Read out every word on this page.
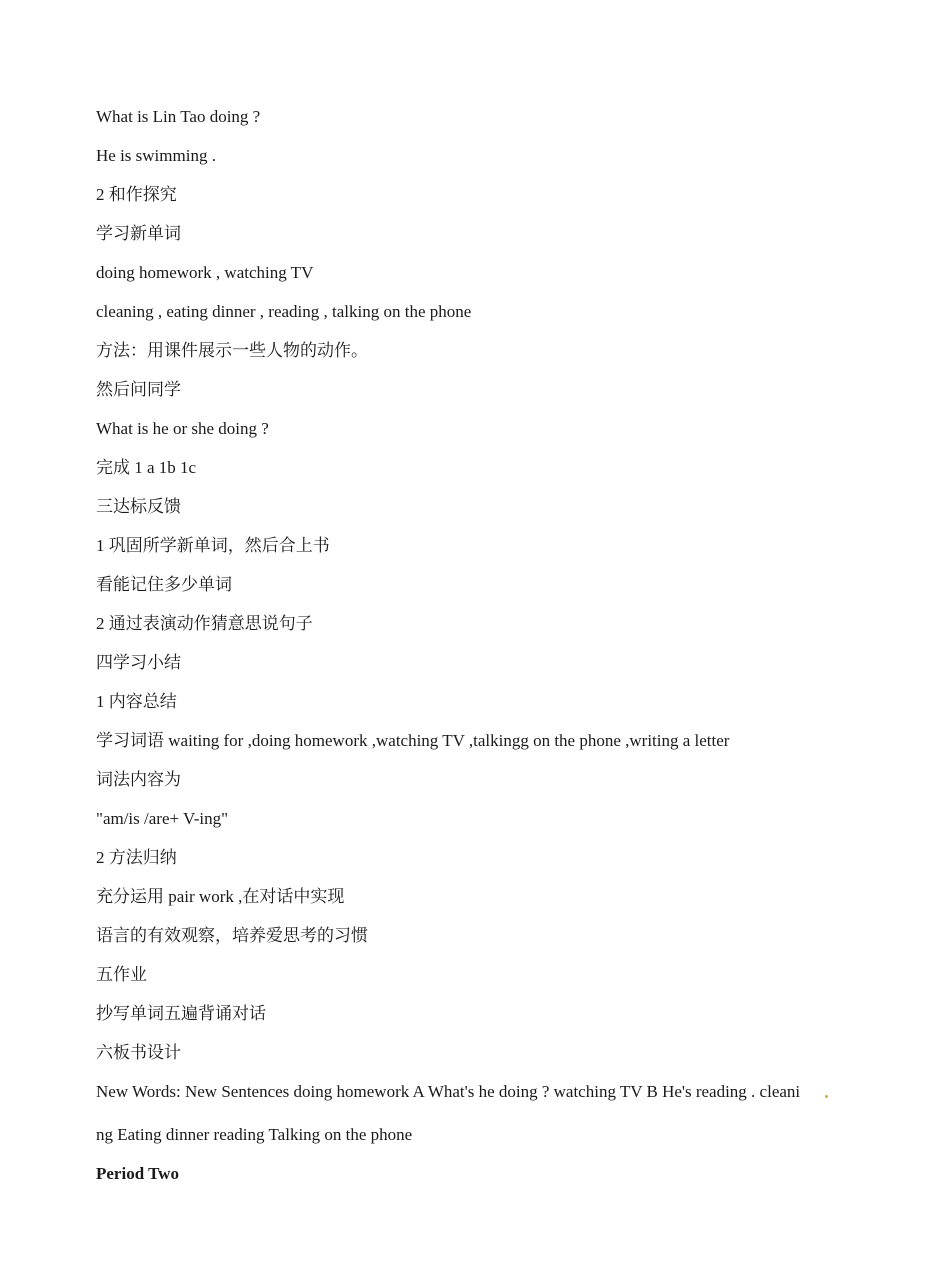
What is Lin Tao doing ?
He is swimming .
2 和作探究
学习新单词
doing homework , watching TV
cleaning , eating dinner , reading , talking on the phone
方法：用课件展示一些人物的动作。
然后问同学
What is he or she doing ?
完成 1 a 1b 1c
三达标反馈
1 巩固所学新单词，然后合上书
看能记住多少单词
2 通过表演动作猜意思说句子
四学习小结
1 内容总结
学习词语 waiting for ,doing homework ,watching TV ,talkingg on the phone ,writing a letter
词法内容为
"am/is /are+ V-ing"
2 方法归纳
充分运用 pair work ,在对话中实现
语言的有效观察，培养爱思考的习惯
五作业
抄写单词五遍背诵对话
六板书设计
New Words: New Sentences doing homework A What's he doing ? watching TV B He's reading . cleani
ng Eating dinner reading Talking on the phone
Period Two
